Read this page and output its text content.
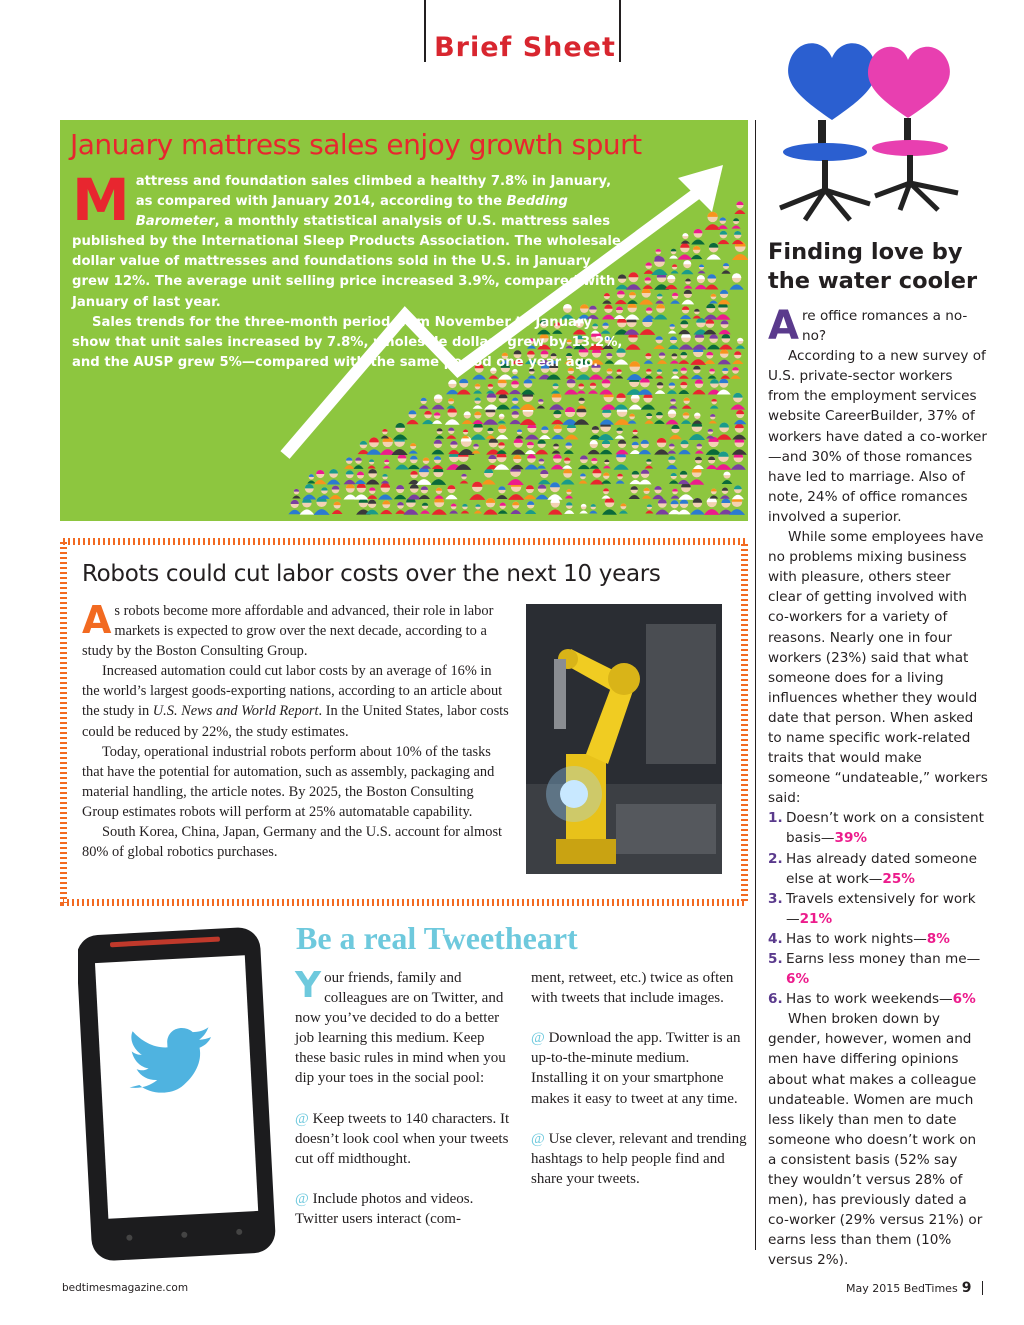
Brief Sheet
January mattress sales enjoy growth spurt
M attress and foundation sales climbed a healthy 7.8% in January, as compared with January 2014, according to the Bedding Barometer, a monthly statistical analysis of U.S. mattress sales published by the International Sleep Products Association. The wholesale dollar value of mattresses and foundations sold in the U.S. in January grew 12%. The average unit selling price increased 3.9%, compared with January of last year.

Sales trends for the three-month period from November to January show that unit sales increased by 7.8%, wholesale dollars grew by 13.2%, and the AUSP grew 5%—compared with the same period one year ago.

Finding love by the water cooler
A re office romances a no-no?

According to a new survey of U.S. private-sector workers from the employment services website CareerBuilder, 37% of workers have dated a co-worker—and 30% of those romances have led to marriage. Also of note, 24% of office romances involved a superior.

While some employees have no problems mixing business with pleasure, others steer clear of getting involved with co-workers for a variety of reasons. Nearly one in four workers (23%) said that what someone does for a living influences whether they would date that person. When asked to name specific work-related traits that would make someone “undateable,” workers said:

1. Doesn’t work on a consistent basis—39%
2. Has already dated someone else at work—25%
3. Travels extensively for work—21%
4. Has to work nights—8%
5. Earns less money than me—6%
6. Has to work weekends—6%

When broken down by gender, however, women and men have differing opinions about what makes a colleague undateable. Women are much less likely than men to date someone who doesn’t work on a consistent basis (52% say they wouldn’t versus 28% of men), has previously dated a co-worker (29% versus 21%) or earns less than them (10% versus 2%).

Robots could cut labor costs over the next 10 years
A s robots become more affordable and advanced, their role in labor markets is expected to grow over the next decade, according to a study by the Boston Consulting Group.

Increased automation could cut labor costs by an average of 16% in the world’s largest goods-exporting nations, according to an article about the study in U.S. News and World Report. In the United States, labor costs could be reduced by 22%, the study estimates.

Today, operational industrial robots perform about 10% of the tasks that have the potential for automation, such as assembly, packaging and material handling, the article notes. By 2025, the Boston Consulting Group estimates robots will perform at 25% automatable capability.

South Korea, China, Japan, Germany and the U.S. account for almost 80% of global robotics purchases.

Be a real Tweetheart
Y our friends, family and colleagues are on Twitter, and now you’ve decided to do a better job learning this medium. Keep these basic rules in mind when you dip your toes in the social pool:

@ Keep tweets to 140 characters. It doesn’t look cool when your tweets cut off midthought.

@ Include photos and videos. Twitter users interact (com-

ment, retweet, etc.) twice as often with tweets that include images.

@ Download the app. Twitter is an up-to-the-minute medium. Installing it on your smartphone makes it easy to tweet at any time.

@ Use clever, relevant and trending hashtags to help people find and share your tweets.

bedtimesmagazine.com	May 2015 BedTimes 9
